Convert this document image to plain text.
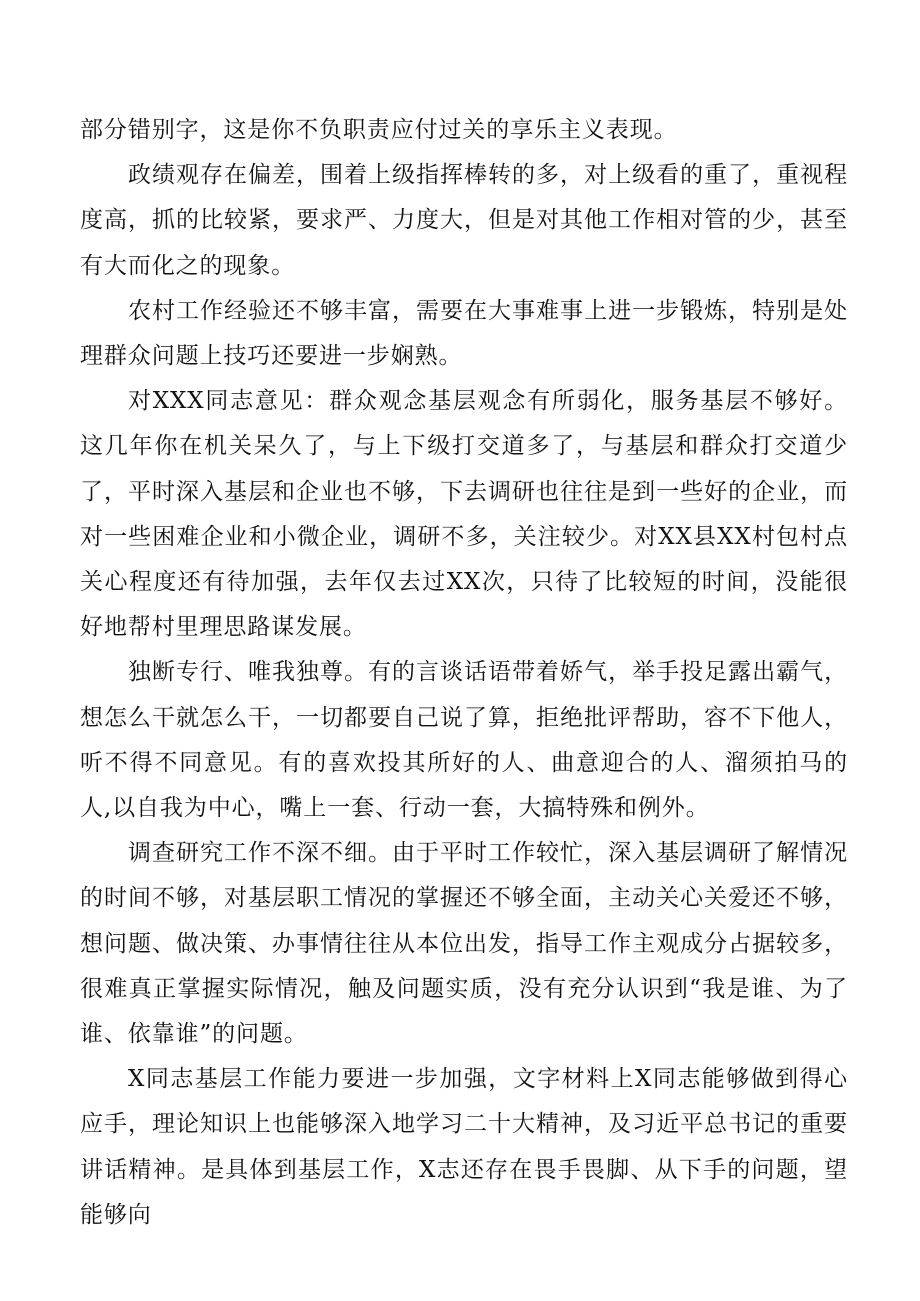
部分错别字，这是你不负职责应付过关的享乐主义表现。

政绩观存在偏差，围着上级指挥棒转的多，对上级看的重了，重视程度高，抓的比较紧，要求严、力度大，但是对其他工作相对管的少，甚至有大而化之的现象。

农村工作经验还不够丰富，需要在大事难事上进一步锻炼，特别是处理群众问题上技巧还要进一步娴熟。

对XXX同志意见：群众观念基层观念有所弱化，服务基层不够好。这几年你在机关呆久了，与上下级打交道多了，与基层和群众打交道少了，平时深入基层和企业也不够，下去调研也往往是到一些好的企业，而对一些困难企业和小微企业，调研不多，关注较少。对XX县XX村包村点关心程度还有待加强，去年仅去过XX次，只待了比较短的时间，没能很好地帮村里理思路谋发展。

独断专行、唯我独尊。有的言谈话语带着娇气，举手投足露出霸气，想怎么干就怎么干，一切都要自己说了算，拒绝批评帮助，容不下他人，听不得不同意见。有的喜欢投其所好的人、曲意迎合的人、溜须拍马的人,以自我为中心，嘴上一套、行动一套，大搞特殊和例外。

调查研究工作不深不细。由于平时工作较忙，深入基层调研了解情况的时间不够，对基层职工情况的掌握还不够全面，主动关心关爱还不够，想问题、做决策、办事情往往从本位出发，指导工作主观成分占据较多，很难真正掌握实际情况，触及问题实质，没有充分认识到“我是谁、为了谁、依靠谁”的问题。

X同志基层工作能力要进一步加强，文字材料上X同志能够做到得心应手，理论知识上也能够深入地学习二十大精神，及习近平总书记的重要讲话精神。是具体到基层工作，X志还存在畏手畏脚、从下手的问题，望能够向
